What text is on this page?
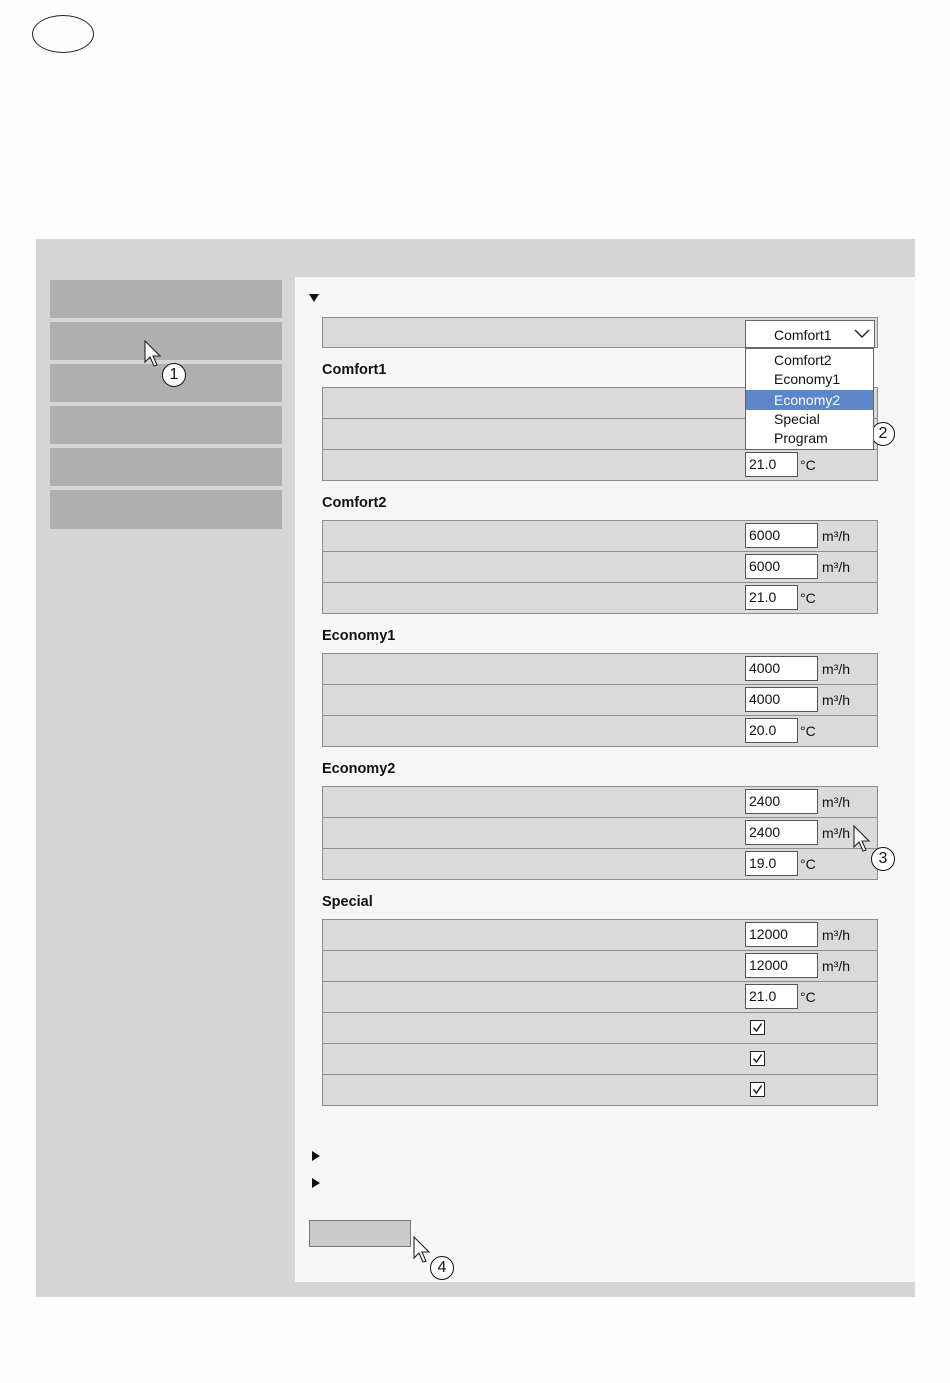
Comfort1
Comfort2
Economy1
Economy2
Special
Program
Comfort1
21.0	°C
Comfort2
6000	m³/h
6000	m³/h
21.0	°C
Economy1
4000	m³/h
4000	m³/h
20.0	°C
Economy2
2400	m³/h
2400	m³/h
19.0	°C
Special
12000	m³/h
12000	m³/h
21.0	°C
1
2
3
4
